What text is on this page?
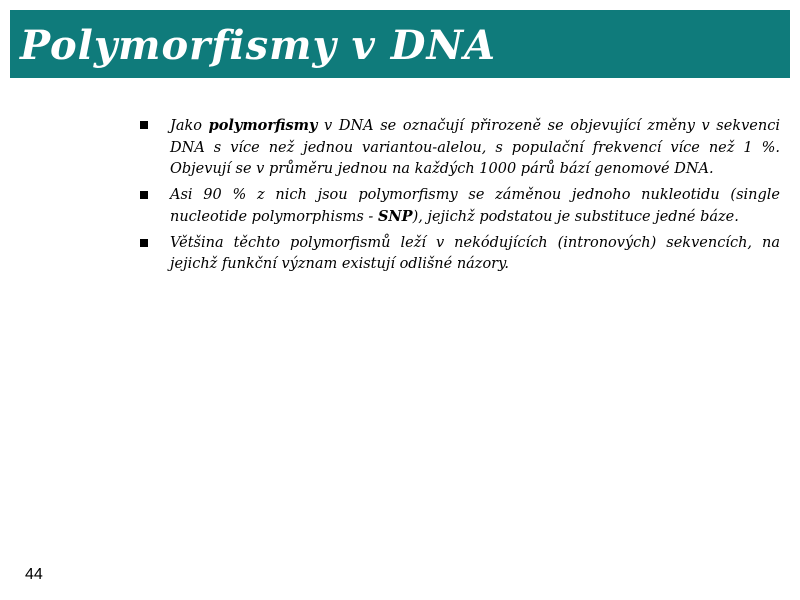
Polymorfismy v DNA
Jako polymorfismy v DNA se označují přirozeně se objevující změny v sekvenci DNA s více než jednou variantou-alelou, s populační frekvencí více než 1 %. Objevují se v průměru jednou na každých 1000 párů bází genomové DNA.
Asi 90 % z nich jsou polymorfismy se záměnou jednoho nukleotidu (single nucleotide polymorphisms - SNP), jejichž podstatou je substituce jedné báze.
Většina těchto polymorfismů leží v nekódujících (intronových) sekvencích, na jejichž funkční význam existují odlišné názory.
44
